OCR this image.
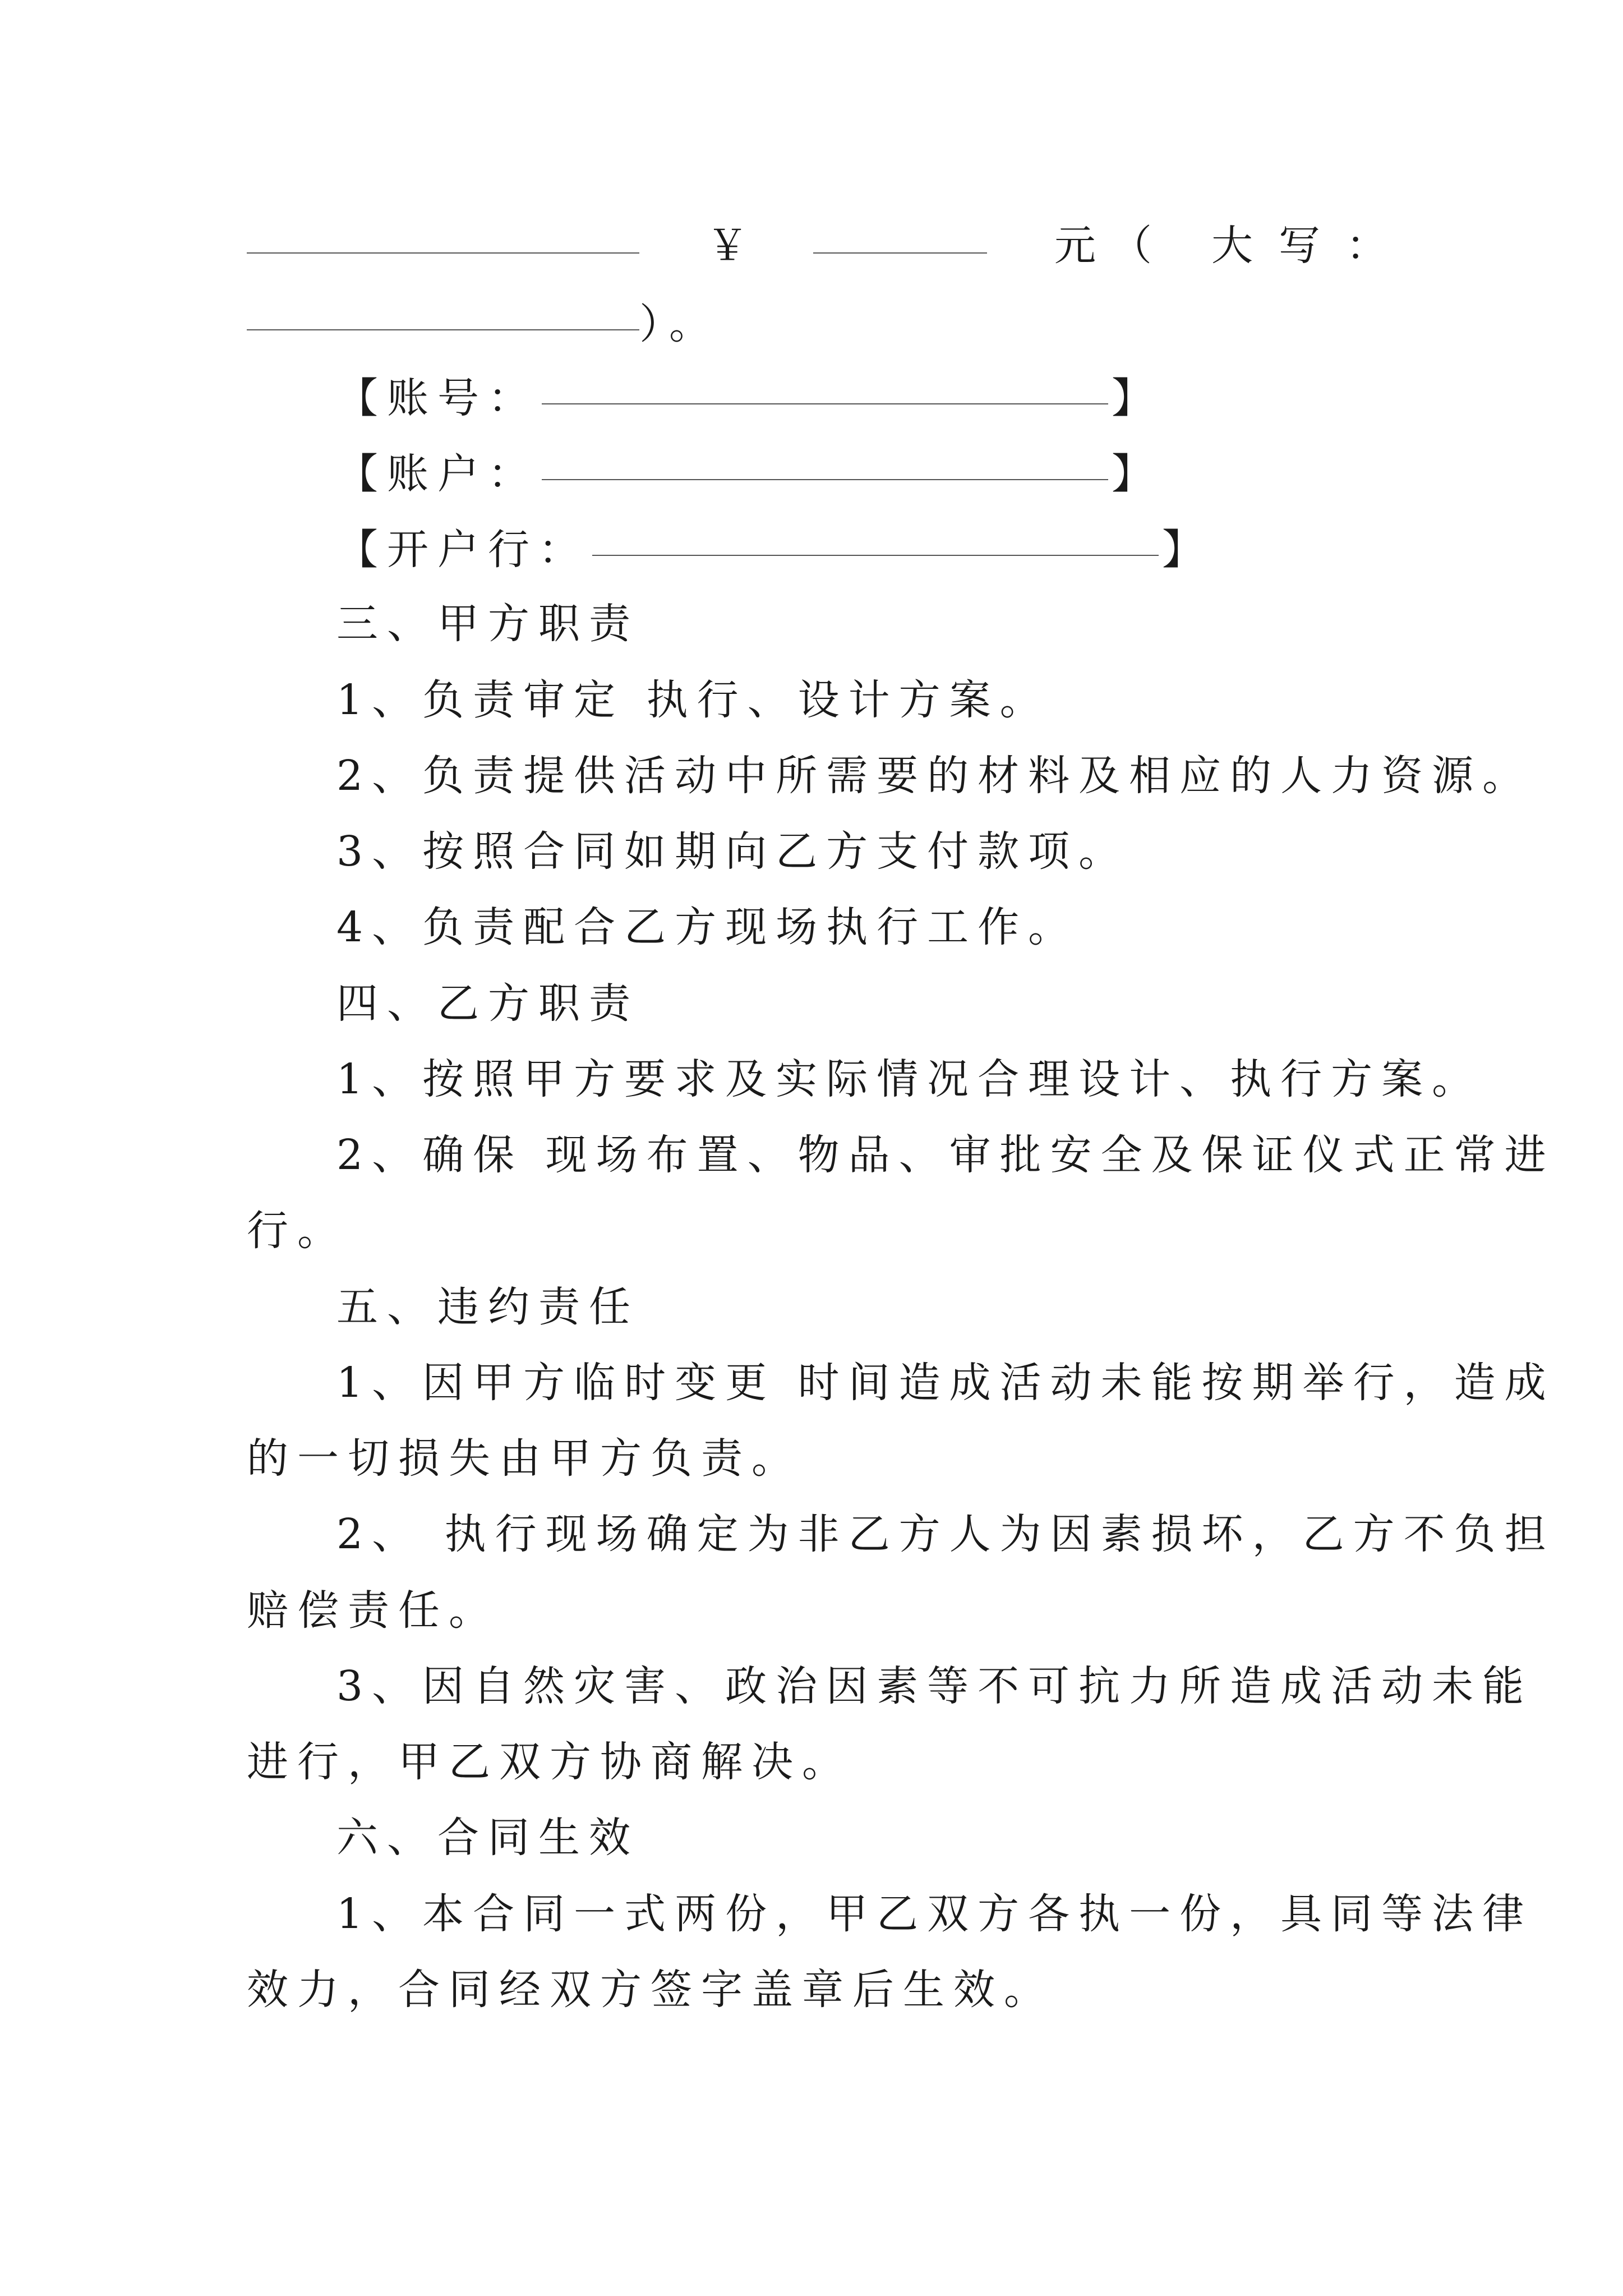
￥	元 （ 大 写 ：
）。
【账号：	】
【账户：	】
【开户行：	】
三、甲方职责
1、负责审定 执行、设计方案。
2、负责提供活动中所需要的材料及相应的人力资源。
3、按照合同如期向乙方支付款项。
4、负责配合乙方现场执行工作。
四、乙方职责
1、按照甲方要求及实际情况合理设计、执行方案。
2、确保 现场布置、物品、审批安全及保证仪式正常进
行。
五、违约责任
1、因甲方临时变更 时间造成活动未能按期举行，造成
的一切损失由甲方负责。
2、 执行现场确定为非乙方人为因素损坏，乙方不负担
赔偿责任。
3、因自然灾害、政治因素等不可抗力所造成活动未能
进行，甲乙双方协商解决。
六、合同生效
1、本合同一式两份，甲乙双方各执一份，具同等法律
效力，合同经双方签字盖章后生效。
